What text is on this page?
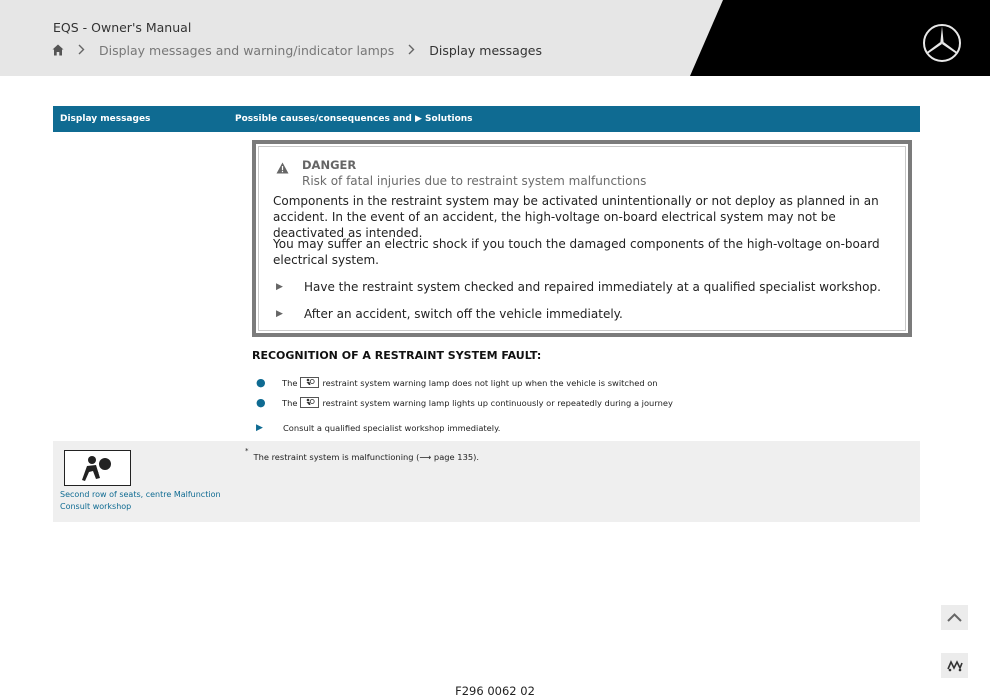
EQS - Owner's Manual
Display messages and warning/indicator lamps	Display messages
Display messages	Possible causes/consequences and ▶ Solutions
DANGER
Risk of fatal injuries due to restraint system malfunctions
Components in the restraint system may be activated unintentionally or not deploy as planned in an accident. In the event of an accident, the high-voltage on-board electrical system may not be deactivated as intended.
You may suffer an electric shock if you touch the damaged components of the high-voltage on-board electrical system.
▶ Have the restraint system checked and repaired immediately at a qualified specialist workshop.
▶ After an accident, switch off the vehicle immediately.
RECOGNITION OF A RESTRAINT SYSTEM FAULT:
●	The	restraint system warning lamp does not light up when the vehicle is switched on
●	The	restraint system warning lamp lights up continuously or repeatedly during a journey
▶	Consult a qualified specialist workshop immediately.
Second row of seats, centre Malfunction
Consult workshop
*The restraint system is malfunctioning (⟶ page 135).
F296 0062 02
